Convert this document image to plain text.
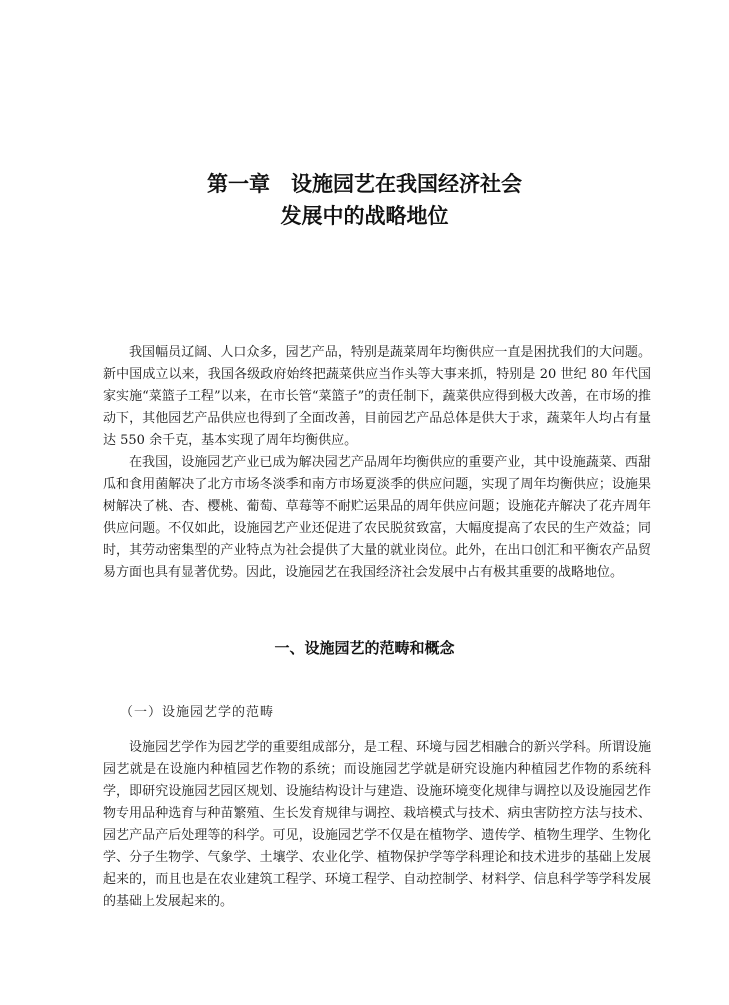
第一章　设施园艺在我国经济社会
发展中的战略地位

我国幅员辽阔、人口众多，园艺产品，特别是蔬菜周年均衡供应一直是困扰我们的大问题。新中国成立以来，我国各级政府始终把蔬菜供应当作头等大事来抓，特别是 20 世纪 80 年代国家实施“菜篮子工程”以来，在市长管“菜篮子”的责任制下，蔬菜供应得到极大改善，在市场的推动下，其他园艺产品供应也得到了全面改善，目前园艺产品总体是供大于求，蔬菜年人均占有量达 550 余千克，基本实现了周年均衡供应。

在我国，设施园艺产业已成为解决园艺产品周年均衡供应的重要产业，其中设施蔬菜、西甜瓜和食用菌解决了北方市场冬淡季和南方市场夏淡季的供应问题，实现了周年均衡供应；设施果树解决了桃、杏、樱桃、葡萄、草莓等不耐贮运果品的周年供应问题；设施花卉解决了花卉周年供应问题。不仅如此，设施园艺产业还促进了农民脱贫致富，大幅度提高了农民的生产效益；同时，其劳动密集型的产业特点为社会提供了大量的就业岗位。此外，在出口创汇和平衡农产品贸易方面也具有显著优势。因此，设施园艺在我国经济社会发展中占有极其重要的战略地位。

一、设施园艺的范畴和概念
（一）设施园艺学的范畴

设施园艺学作为园艺学的重要组成部分，是工程、环境与园艺相融合的新兴学科。所谓设施园艺就是在设施内种植园艺作物的系统；而设施园艺学就是研究设施内种植园艺作物的系统科学，即研究设施园艺园区规划、设施结构设计与建造、设施环境变化规律与调控以及设施园艺作物专用品种选育与种苗繁殖、生长发育规律与调控、栽培模式与技术、病虫害防控方法与技术、园艺产品产后处理等的科学。可见，设施园艺学不仅是在植物学、遗传学、植物生理学、生物化学、分子生物学、气象学、土壤学、农业化学、植物保护学等学科理论和技术进步的基础上发展起来的，而且也是在农业建筑工程学、环境工程学、自动控制学、材料学、信息科学等学科发展的基础上发展起来的。
